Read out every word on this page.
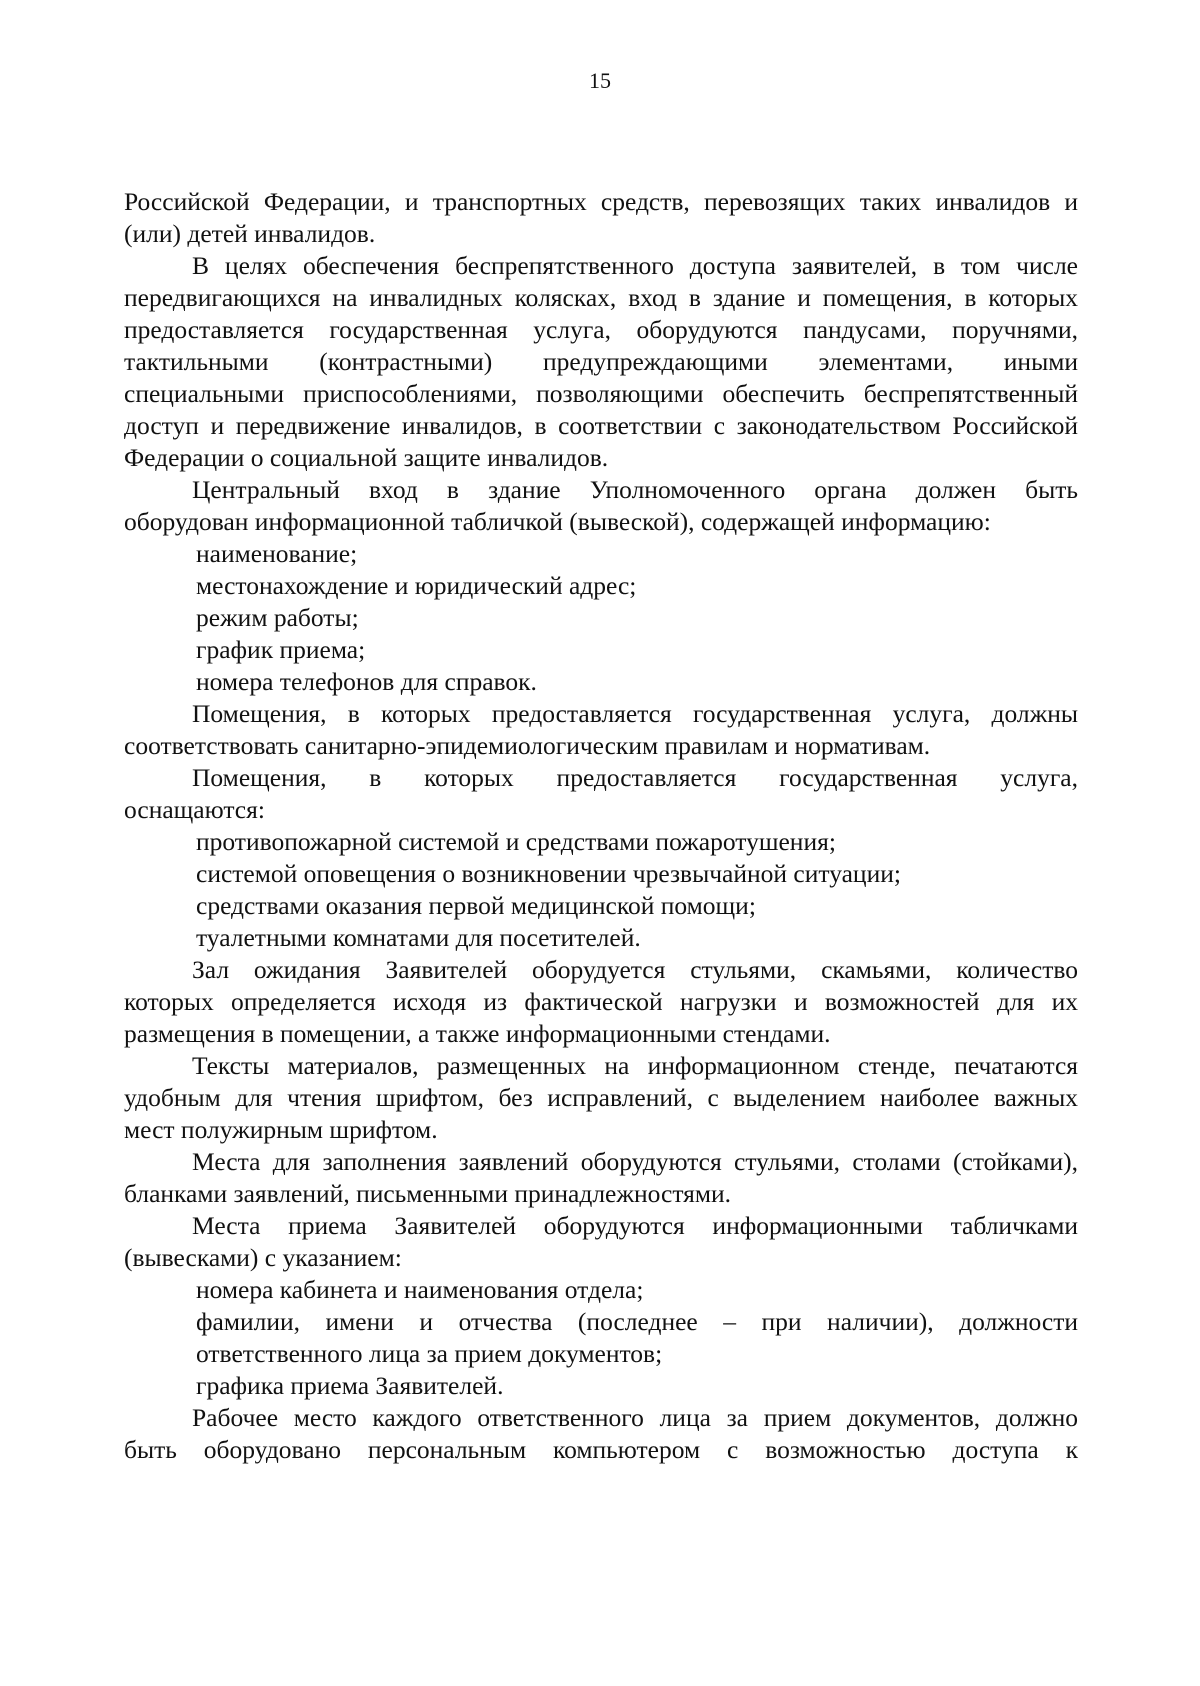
15
Российской Федерации, и транспортных средств, перевозящих таких инвалидов и
(или) детей инвалидов.
В целях обеспечения беспрепятственного доступа заявителей, в том числе
передвигающихся на инвалидных колясках, вход в здание и помещения, в которых
предоставляется государственная услуга, оборудуются пандусами, поручнями,
тактильными (контрастными) предупреждающими элементами, иными
специальными приспособлениями, позволяющими обеспечить беспрепятственный
доступ и передвижение инвалидов, в соответствии с законодательством Российской
Федерации о социальной защите инвалидов.
Центральный вход в здание Уполномоченного органа должен быть
оборудован информационной табличкой (вывеской), содержащей информацию:
наименование;
местонахождение и юридический адрес;
режим работы;
график приема;
номера телефонов для справок.
Помещения, в которых предоставляется государственная услуга, должны
соответствовать санитарно-эпидемиологическим правилам и нормативам.
Помещения, в которых предоставляется государственная услуга,
оснащаются:
противопожарной системой и средствами пожаротушения;
системой оповещения о возникновении чрезвычайной ситуации;
средствами оказания первой медицинской помощи;
туалетными комнатами для посетителей.
Зал ожидания Заявителей оборудуется стульями, скамьями, количество
которых определяется исходя из фактической нагрузки и возможностей для их
размещения в помещении, а также информационными стендами.
Тексты материалов, размещенных на информационном стенде, печатаются
удобным для чтения шрифтом, без исправлений, с выделением наиболее важных
мест полужирным шрифтом.
Места для заполнения заявлений оборудуются стульями, столами (стойками),
бланками заявлений, письменными принадлежностями.
Места приема Заявителей оборудуются информационными табличками
(вывесками) с указанием:
номера кабинета и наименования отдела;
фамилии, имени и отчества (последнее – при наличии), должности
ответственного лица за прием документов;
графика приема Заявителей.
Рабочее место каждого ответственного лица за прием документов, должно
быть оборудовано персональным компьютером с возможностью доступа к
